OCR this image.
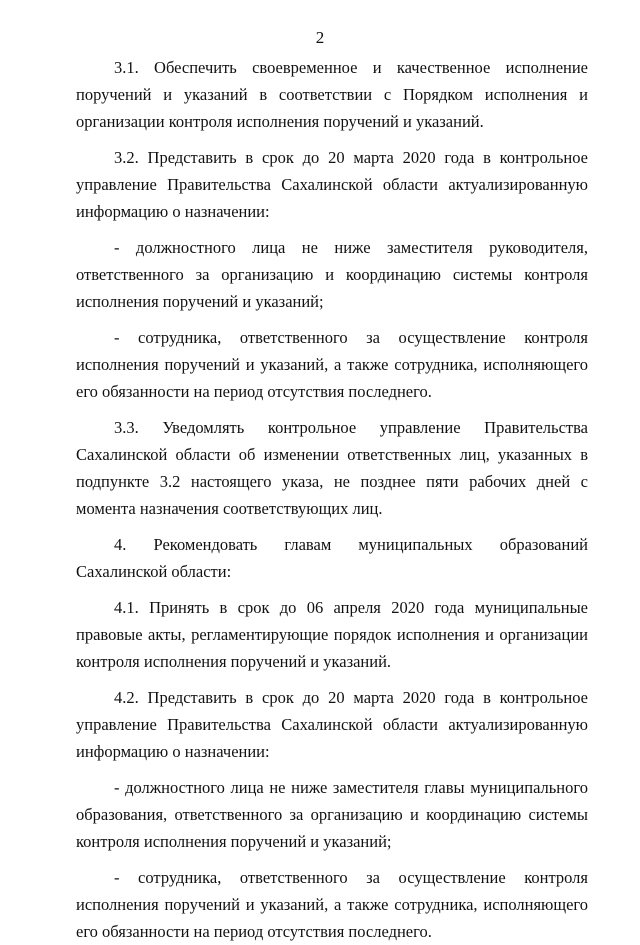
2

3.1. Обеспечить своевременное и качественное исполнение поручений и указаний в соответствии с Порядком исполнения и организации контроля исполнения поручений и указаний.

3.2. Представить в срок до 20 марта 2020 года в контрольное управление Правительства Сахалинской области актуализированную информацию о назначении:

- должностного лица не ниже заместителя руководителя, ответственного за организацию и координацию системы контроля исполнения поручений и указаний;

- сотрудника, ответственного за осуществление контроля исполнения поручений и указаний, а также сотрудника, исполняющего его обязанности на период отсутствия последнего.

3.3. Уведомлять контрольное управление Правительства Сахалинской области об изменении ответственных лиц, указанных в подпункте 3.2 настоящего указа, не позднее пяти рабочих дней с момента назначения соответствующих лиц.

4. Рекомендовать главам муниципальных образований Сахалинской области:

4.1. Принять в срок до 06 апреля 2020 года муниципальные правовые акты, регламентирующие порядок исполнения и организации контроля исполнения поручений и указаний.

4.2. Представить в срок до 20 марта 2020 года в контрольное управление Правительства Сахалинской области актуализированную информацию о назначении:

- должностного лица не ниже заместителя главы муниципального образования, ответственного за организацию и координацию системы контроля исполнения поручений и указаний;

- сотрудника, ответственного за осуществление контроля исполнения поручений и указаний, а также сотрудника, исполняющего его обязанности на период отсутствия последнего.
